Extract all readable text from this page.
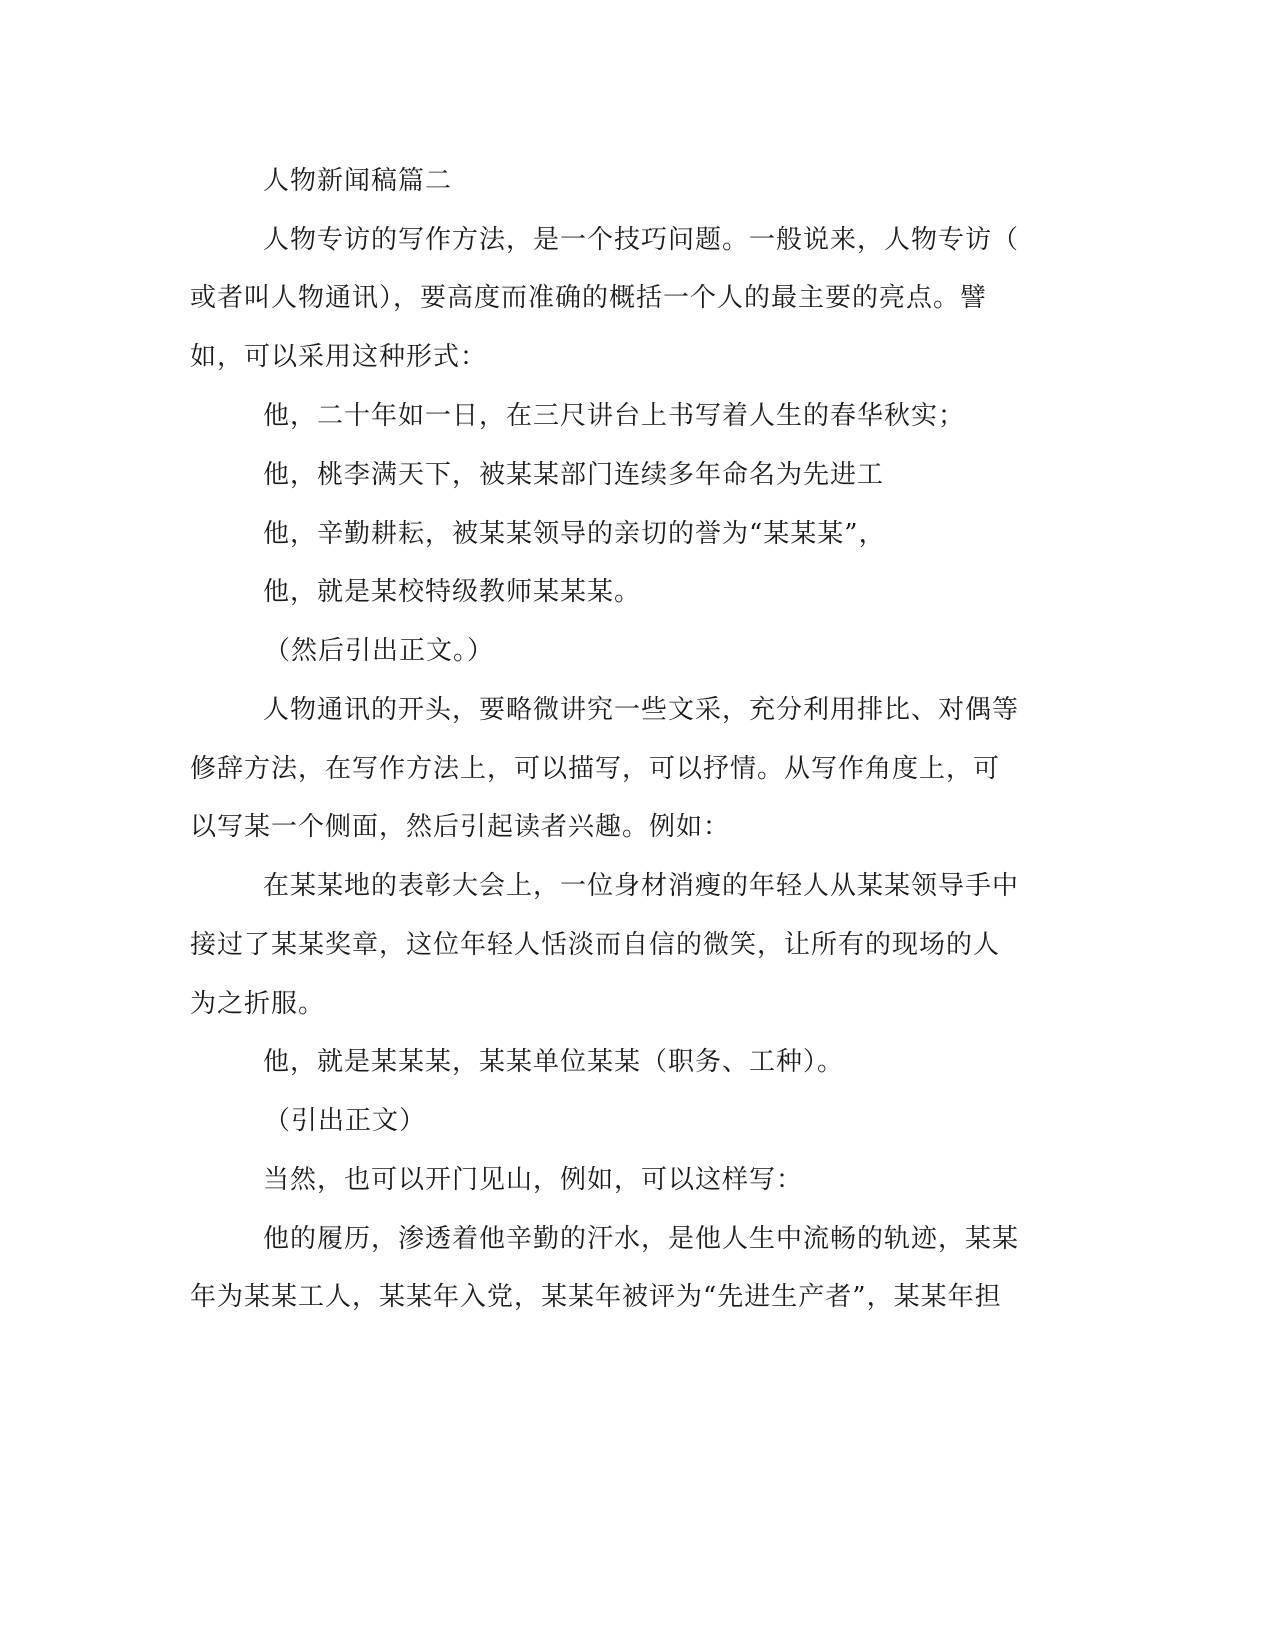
人物新闻稿篇二
人物专访的写作方法，是一个技巧问题。一般说来，人物专访（
或者叫人物通讯），要高度而准确的概括一个人的最主要的亮点。譬
如，可以采用这种形式：
他，二十年如一日，在三尺讲台上书写着人生的春华秋实；
他，桃李满天下，被某某部门连续多年命名为先进工
他，辛勤耕耘，被某某领导的亲切的誉为“某某某”，
他，就是某校特级教师某某某。
（然后引出正文。）
人物通讯的开头，要略微讲究一些文采，充分利用排比、对偶等
修辞方法，在写作方法上，可以描写，可以抒情。从写作角度上，可
以写某一个侧面，然后引起读者兴趣。例如：
在某某地的表彰大会上，一位身材消瘦的年轻人从某某领导手中
接过了某某奖章，这位年轻人恬淡而自信的微笑，让所有的现场的人
为之折服。
他，就是某某某，某某单位某某（职务、工种）。
（引出正文）
当然，也可以开门见山，例如，可以这样写：
他的履历，渗透着他辛勤的汗水，是他人生中流畅的轨迹，某某
年为某某工人，某某年入党，某某年被评为“先进生产者”，某某年担
